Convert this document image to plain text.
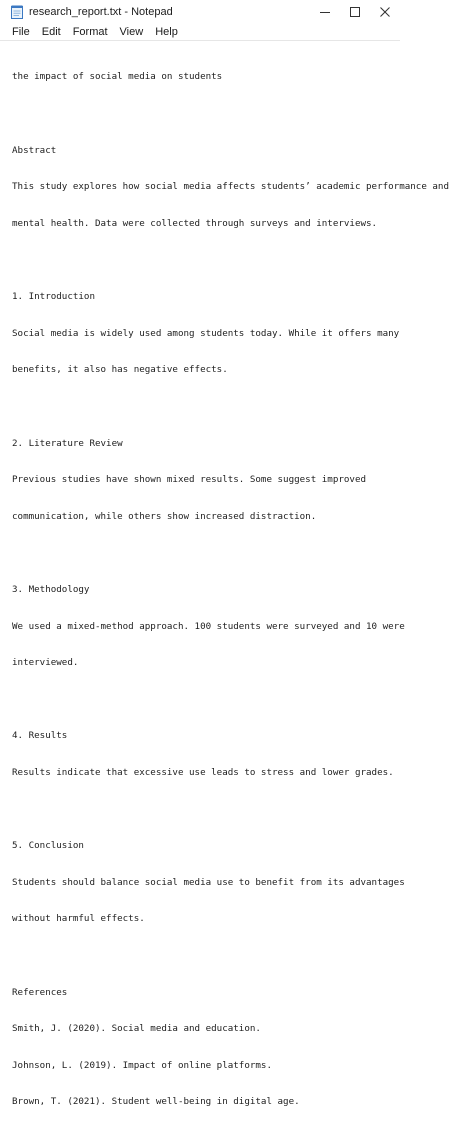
research_report.txt - Notepad
File	Edit	Format	View	Help

the impact of social media on students

Abstract

This study explores how social media affects students’ academic performance and

mental health. Data were collected through surveys and interviews.

1. Introduction

Social media is widely used among students today. While it offers many

benefits, it also has negative effects.

2. Literature Review

Previous studies have shown mixed results. Some suggest improved

communication, while others show increased distraction.

3. Methodology

We used a mixed-method approach. 100 students were surveyed and 10 were

interviewed.

4. Results

Results indicate that excessive use leads to stress and lower grades.

5. Conclusion

Students should balance social media use to benefit from its advantages

without harmful effects.

References

Smith, J. (2020). Social media and education.

Johnson, L. (2019). Impact of online platforms.

Brown, T. (2021). Student well-being in digital age.
